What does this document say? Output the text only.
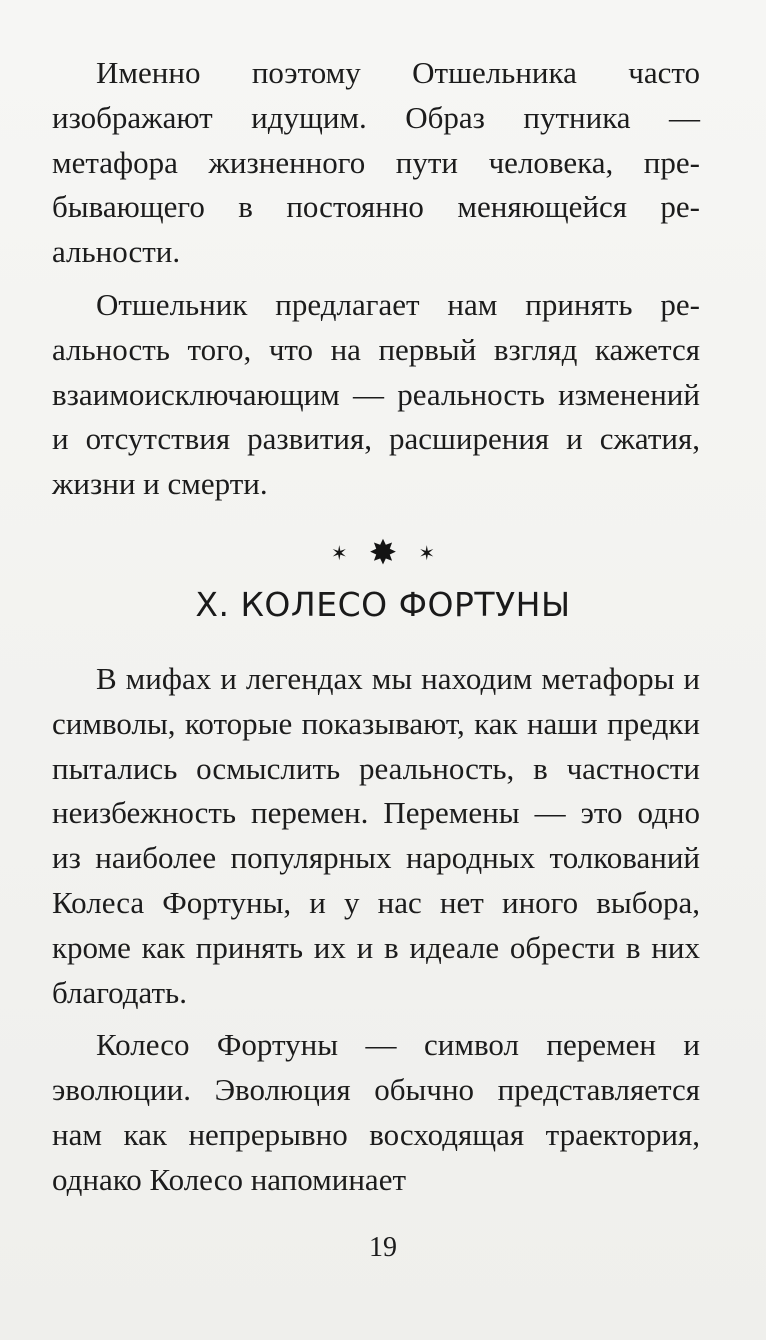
Именно поэтому Отшельника часто изображают идущим. Образ путника — метафора жизненного пути человека, пребывающего в постоянно меняющейся реальности.

Отшельник предлагает нам принять реальность того, что на первый взгляд кажется взаимоисключающим — реальность изменений и отсутствия развития, расширения и сжатия, жизни и смерти.

✶ ✸ ✶
X. КОЛЕСО ФОРТУНЫ

В мифах и легендах мы находим метафоры и символы, которые показывают, как наши предки пытались осмыслить реальность, в частности неизбежность перемен. Перемены — это одно из наиболее популярных народных толкований Колеса Фортуны, и у нас нет иного выбора, кроме как принять их и в идеале обрести в них благодать.

Колесо Фортуны — символ перемен и эволюции. Эволюция обычно представляется нам как непрерывно восходящая траектория, однако Колесо напоминает

19
